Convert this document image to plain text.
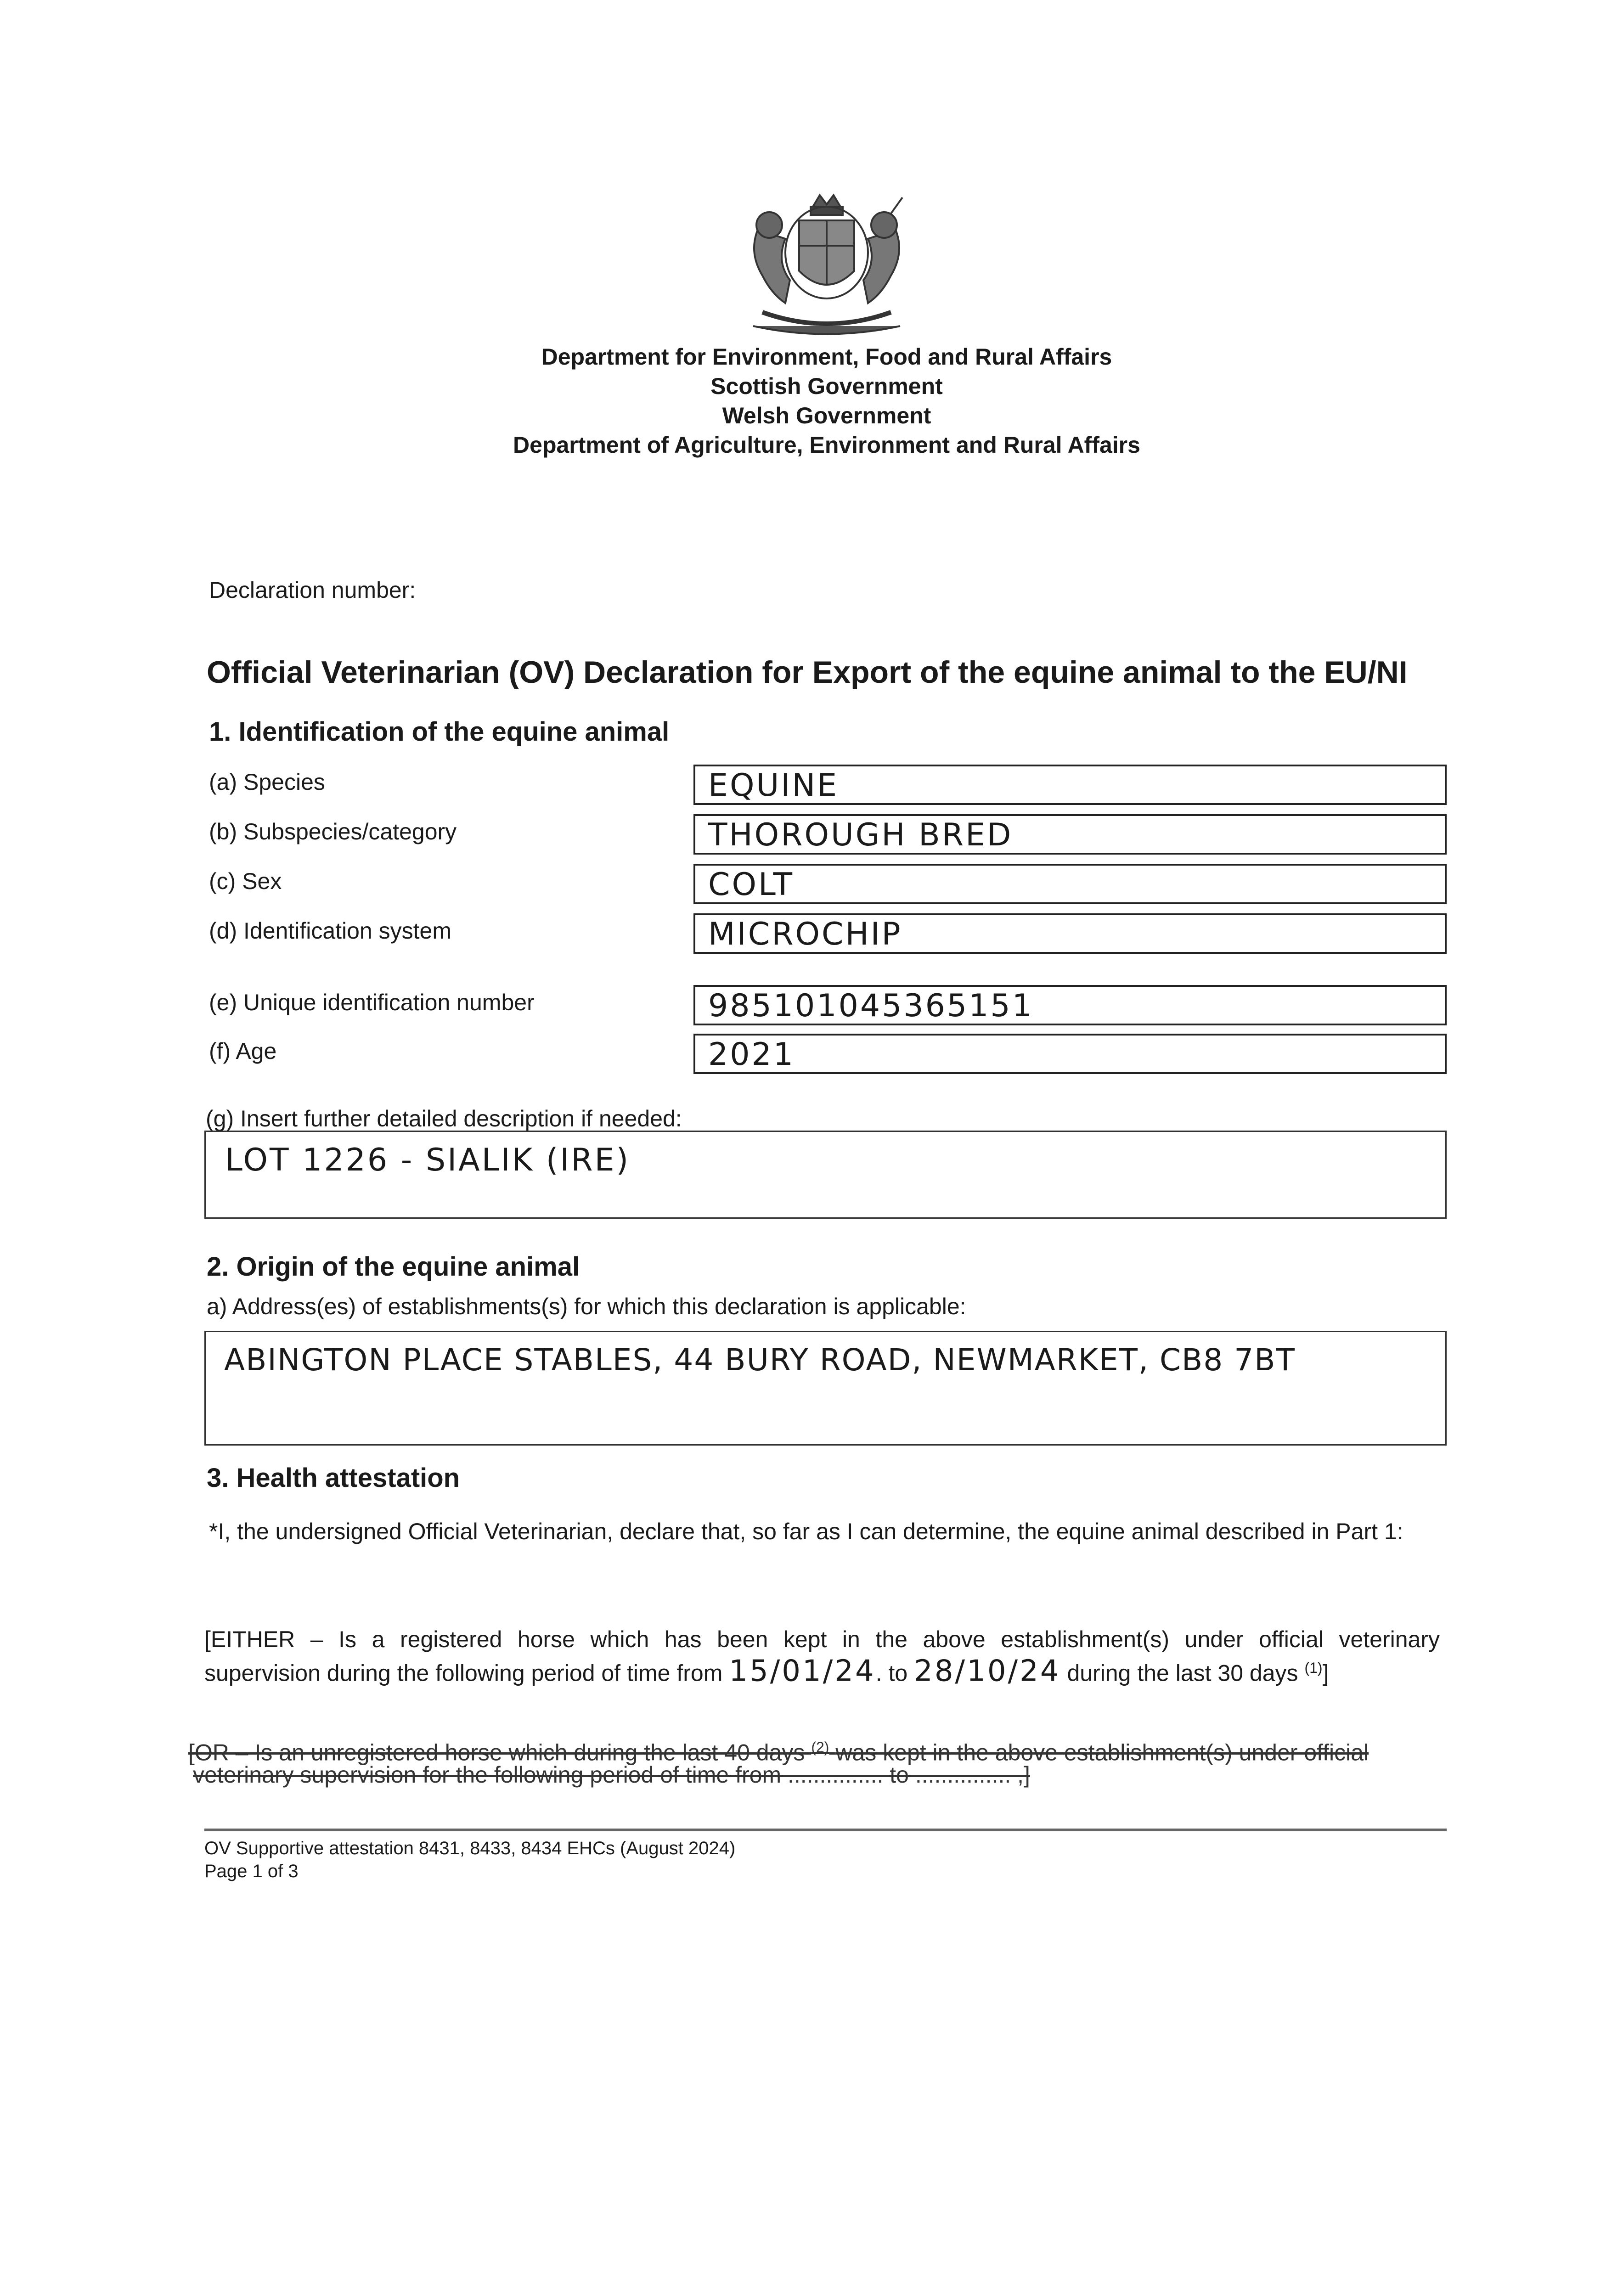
Department for Environment, Food and Rural Affairs
Scottish Government
Welsh Government
Department of Agriculture, Environment and Rural Affairs
Declaration number:
Official Veterinarian (OV) Declaration for Export of the equine animal to the EU/NI
1. Identification of the equine animal
(a) Species	EQUINE
(b) Subspecies/category	THOROUGH BRED
(c) Sex	COLT
(d) Identification system	MICROCHIP
(e) Unique identification number	985101045365151
(f) Age	2021
(g) Insert further detailed description if needed:
LOT 1226 - SIALIK (IRE)
2. Origin of the equine animal
a) Address(es) of establishments(s) for which this declaration is applicable:
ABINGTON PLACE STABLES, 44 BURY ROAD, NEWMARKET, CB8 7BT
3. Health attestation
*I, the undersigned Official Veterinarian, declare that, so far as I can determine, the equine animal described in Part 1:
[EITHER – Is a registered horse which has been kept in the above establishment(s) under official veterinary
supervision during the following period of time from 15/01/24. to 28/10/24 during the last 30 days $^{(1)}$]
[OR – Is an unregistered horse which during the last 40 days $^{(2)}$ was kept in the above establishment(s) under official
veterinary supervision for the following period of time from ............... to ............... ,]
OV Supportive attestation 8431, 8433, 8434 EHCs (August 2024)
Page 1 of 3
